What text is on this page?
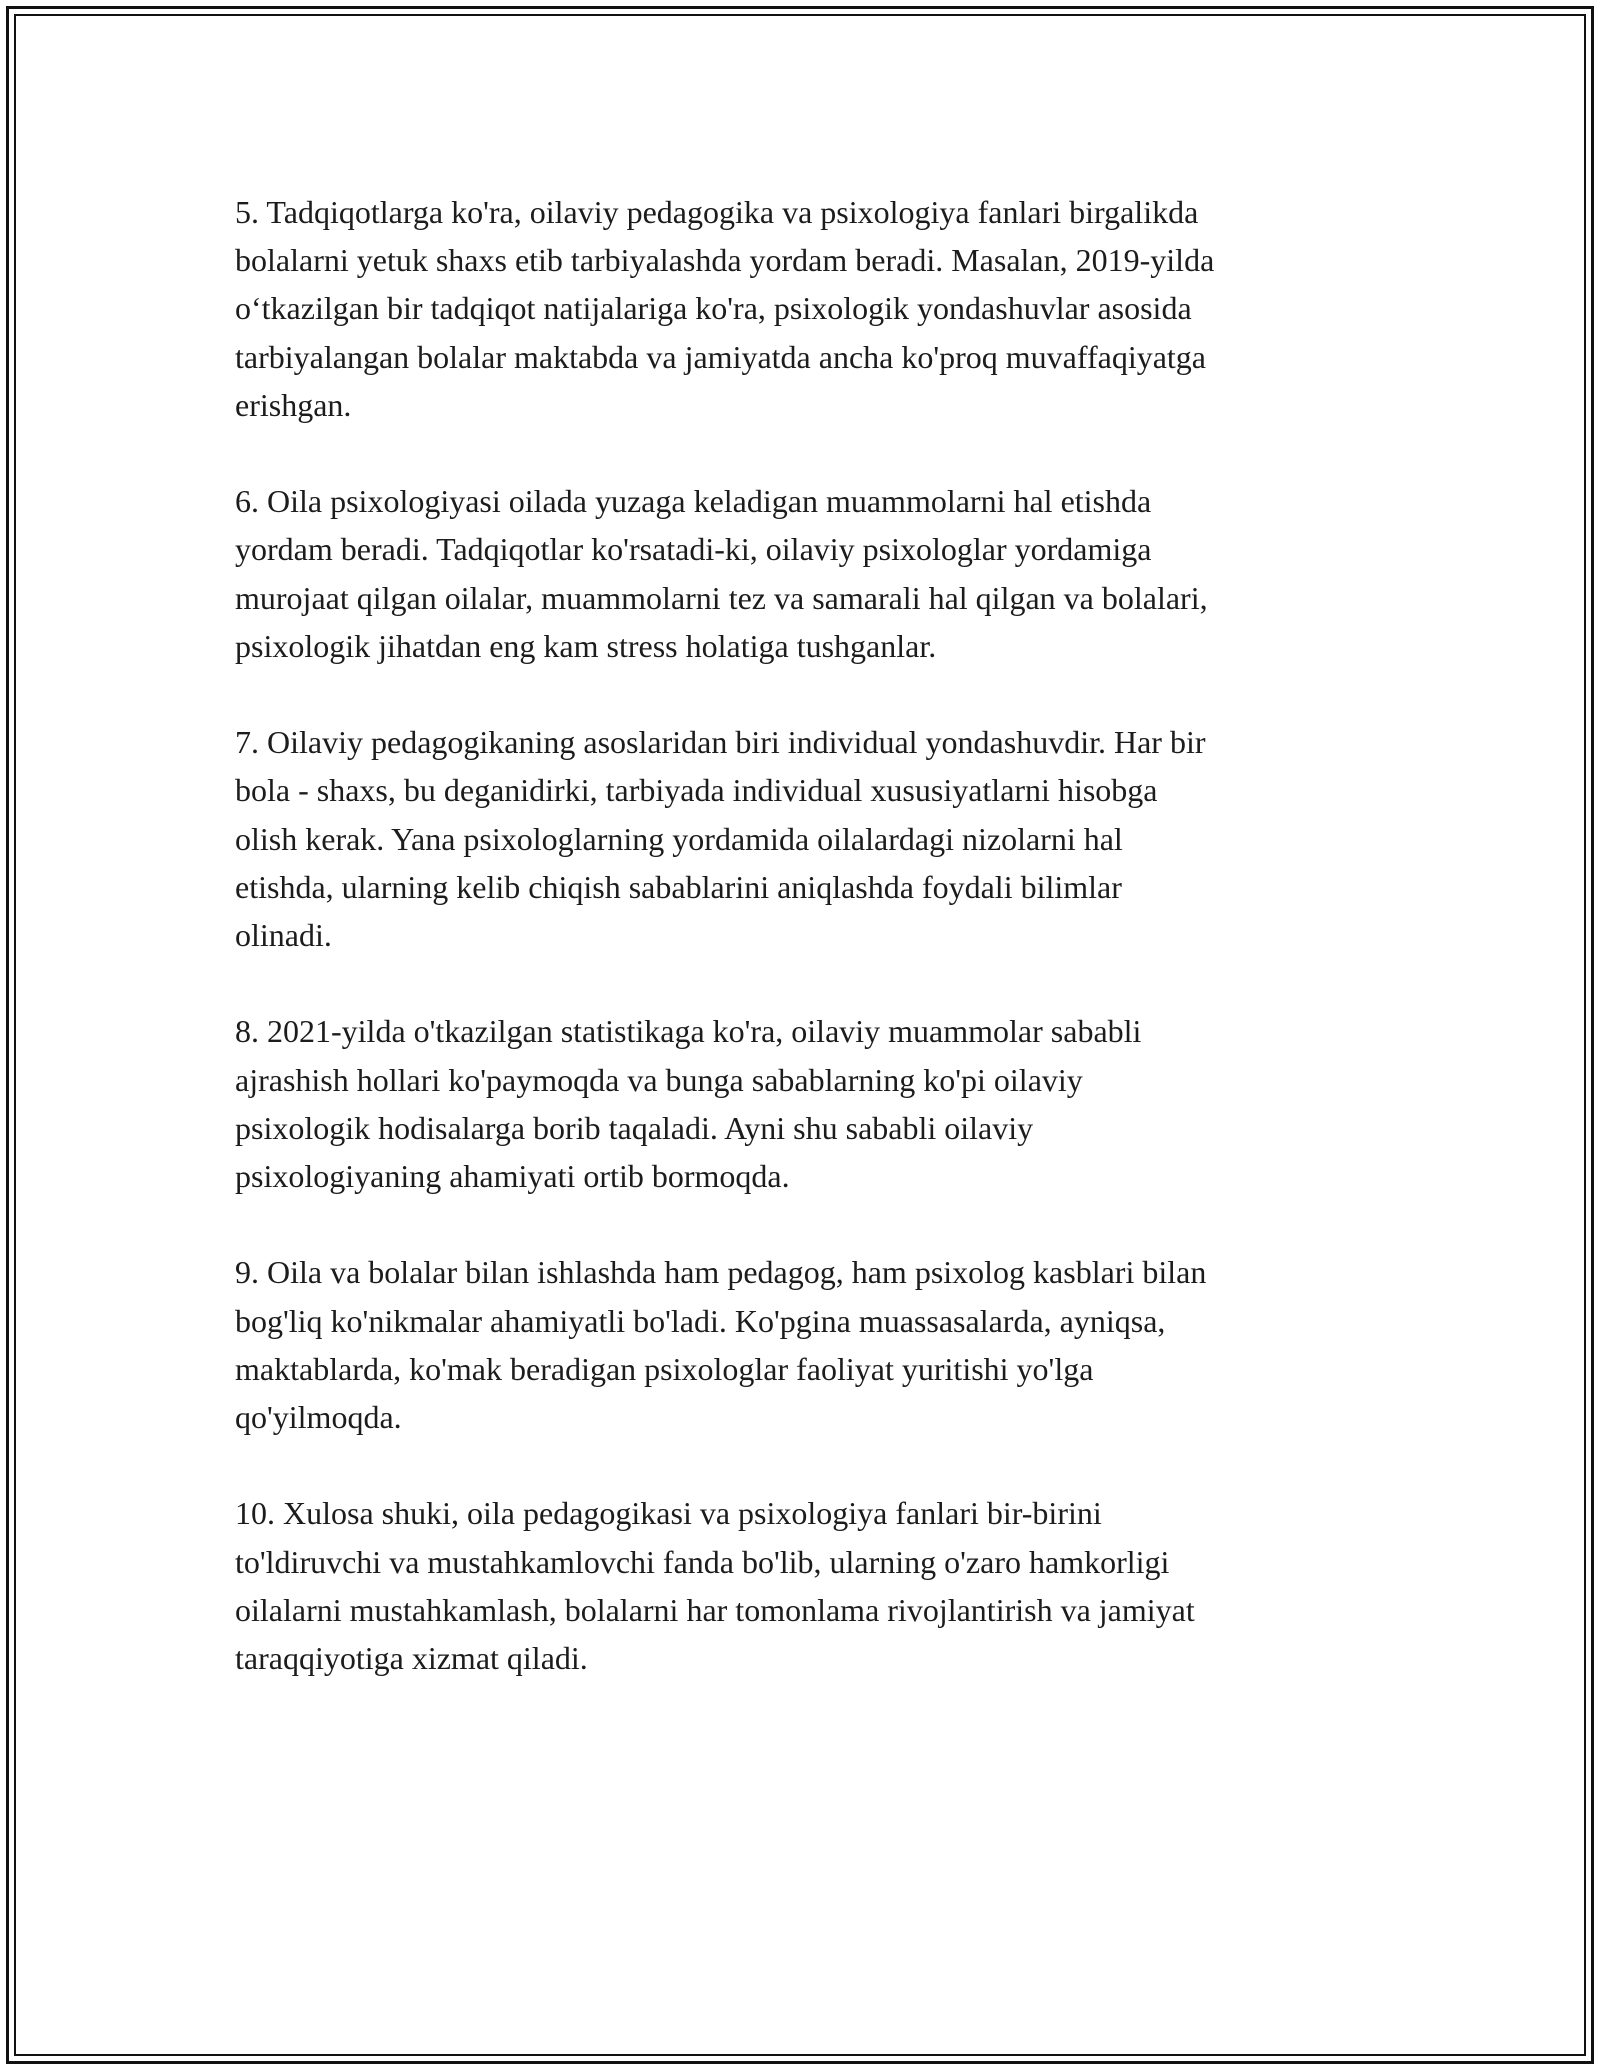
5. Tadqiqotlarga ko'ra, oilaviy pedagogika va psixologiya fanlari birgalikda
bolalarni yetuk shaxs etib tarbiyalashda yordam beradi. Masalan, 2019-yilda
oʻtkazilgan bir tadqiqot natijalariga ko'ra, psixologik yondashuvlar asosida
tarbiyalangan bolalar maktabda va jamiyatda ancha ko'proq muvaffaqiyatga
erishgan.
6. Oila psixologiyasi oilada yuzaga keladigan muammolarni hal etishda
yordam beradi. Tadqiqotlar ko'rsatadi-ki, oilaviy psixologlar yordamiga
murojaat qilgan oilalar, muammolarni tez va samarali hal qilgan va bolalari,
psixologik jihatdan eng kam stress holatiga tushganlar.
7. Oilaviy pedagogikaning asoslaridan biri individual yondashuvdir. Har bir
bola - shaxs, bu deganidirki, tarbiyada individual xususiyatlarni hisobga
olish kerak. Yana psixologlarning yordamida oilalardagi nizolarni hal
etishda, ularning kelib chiqish sabablarini aniqlashda foydali bilimlar
olinadi.
8. 2021-yilda o'tkazilgan statistikaga ko'ra, oilaviy muammolar sababli
ajrashish hollari ko'paymoqda va bunga sabablarning ko'pi oilaviy
psixologik hodisalarga borib taqaladi. Ayni shu sababli oilaviy
psixologiyaning ahamiyati ortib bormoqda.
9. Oila va bolalar bilan ishlashda ham pedagog, ham psixolog kasblari bilan
bog'liq ko'nikmalar ahamiyatli bo'ladi. Ko'pgina muassasalarda, ayniqsa,
maktablarda, ko'mak beradigan psixologlar faoliyat yuritishi yo'lga
qo'yilmoqda.
10. Xulosa shuki, oila pedagogikasi va psixologiya fanlari bir-birini
to'ldiruvchi va mustahkamlovchi fanda bo'lib, ularning o'zaro hamkorligi
oilalarni mustahkamlash, bolalarni har tomonlama rivojlantirish va jamiyat
taraqqiyotiga xizmat qiladi.
